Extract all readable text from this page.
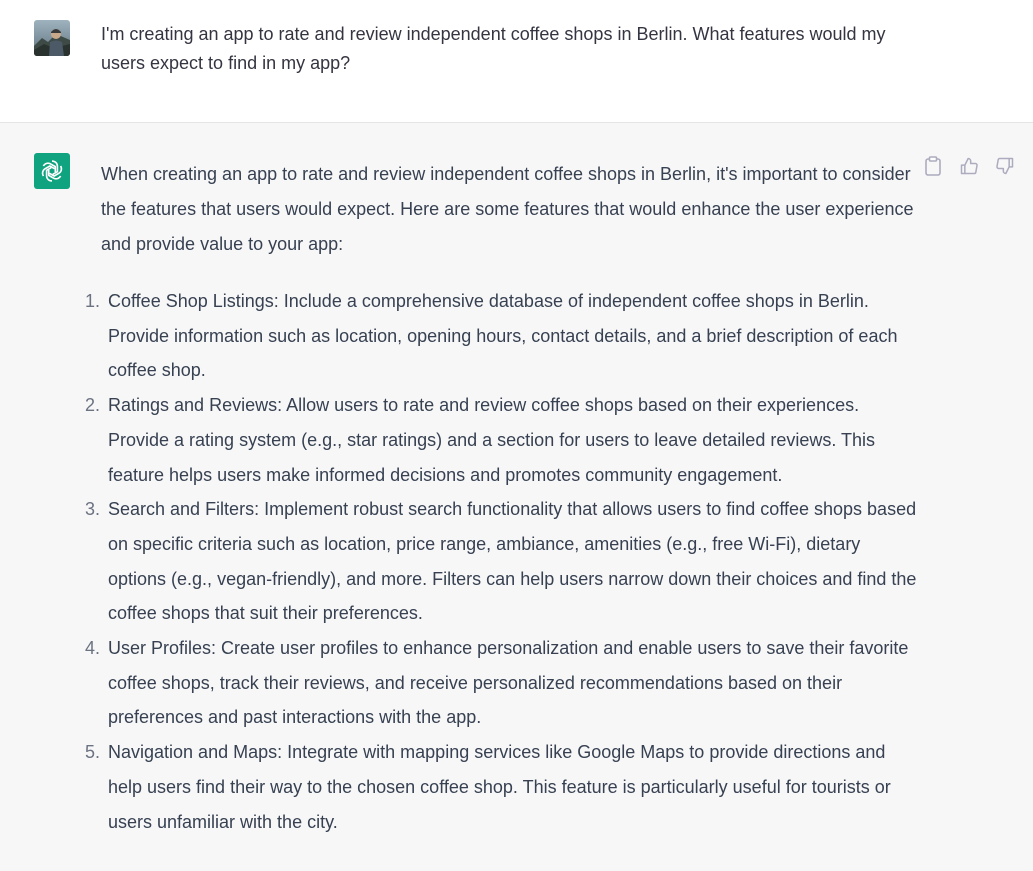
I'm creating an app to rate and review independent coffee shops in Berlin. What features would my users expect to find in my app?

When creating an app to rate and review independent coffee shops in Berlin, it's important to consider the features that users would expect. Here are some features that would enhance the user experience and provide value to your app:

1. Coffee Shop Listings: Include a comprehensive database of independent coffee shops in Berlin. Provide information such as location, opening hours, contact details, and a brief description of each coffee shop.
2. Ratings and Reviews: Allow users to rate and review coffee shops based on their experiences. Provide a rating system (e.g., star ratings) and a section for users to leave detailed reviews. This feature helps users make informed decisions and promotes community engagement.
3. Search and Filters: Implement robust search functionality that allows users to find coffee shops based on specific criteria such as location, price range, ambiance, amenities (e.g., free Wi-Fi), dietary options (e.g., vegan-friendly), and more. Filters can help users narrow down their choices and find the coffee shops that suit their preferences.
4. User Profiles: Create user profiles to enhance personalization and enable users to save their favorite coffee shops, track their reviews, and receive personalized recommendations based on their preferences and past interactions with the app.
5. Navigation and Maps: Integrate with mapping services like Google Maps to provide directions and help users find their way to the chosen coffee shop. This feature is particularly useful for tourists or users unfamiliar with the city.
